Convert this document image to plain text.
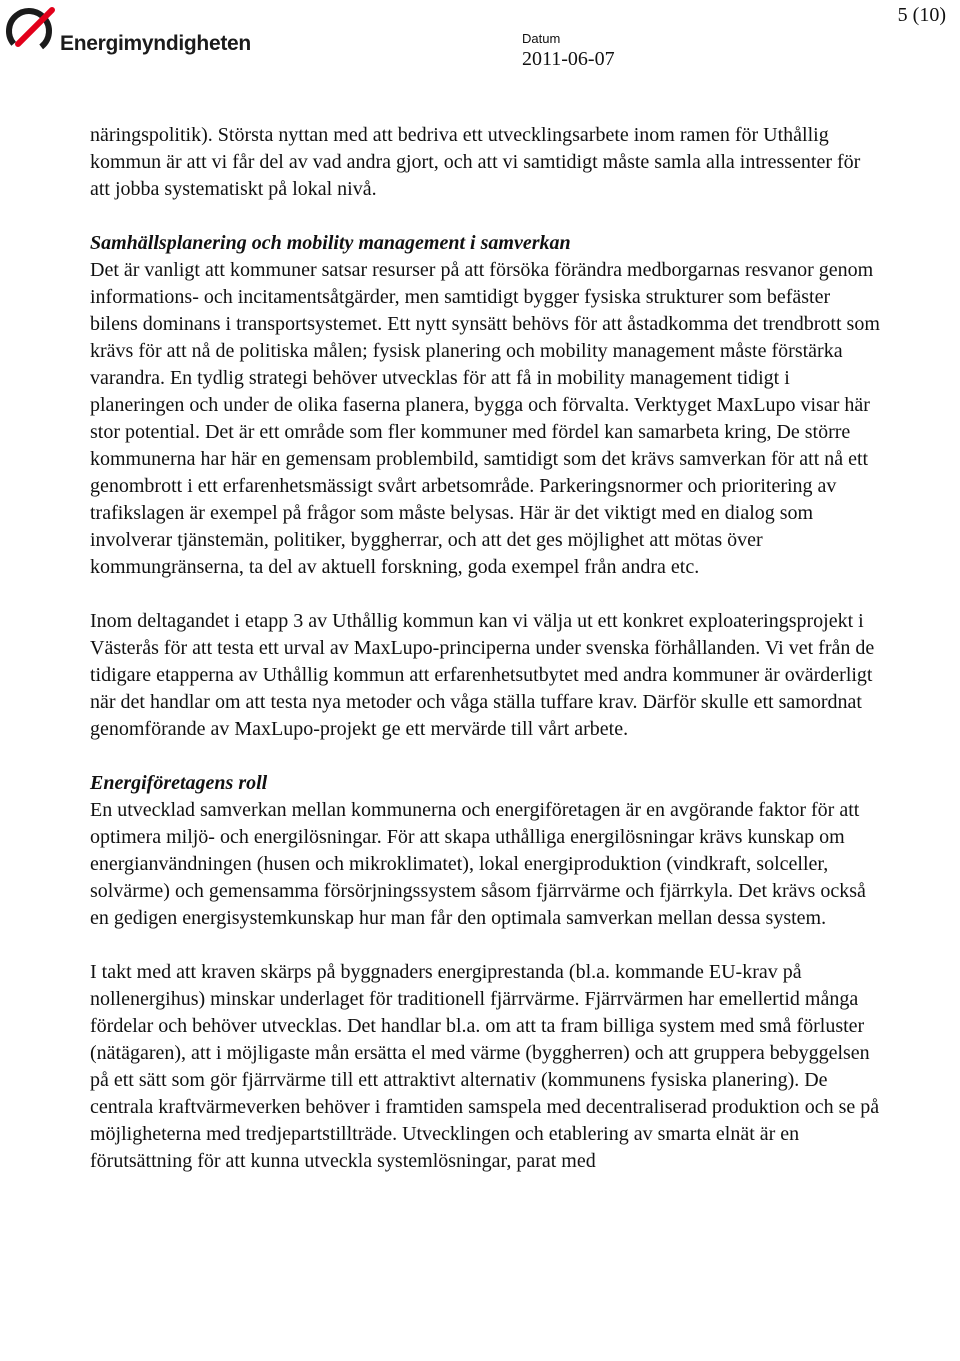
Energimyndigheten	Datum
2011-06-07
5 (10)

näringspolitik). Största nyttan med att bedriva ett utvecklingsarbete inom ramen för Uthållig kommun är att vi får del av vad andra gjort, och att vi samtidigt måste samla alla intressenter för att jobba systematiskt på lokal nivå.

Samhällsplanering och mobility management i samverkan

Det är vanligt att kommuner satsar resurser på att försöka förändra medborgarnas resvanor genom informations- och incitamentsåtgärder, men samtidigt bygger fysiska strukturer som befäster bilens dominans i transportsystemet. Ett nytt synsätt behövs för att åstadkomma det trendbrott som krävs för att nå de politiska målen; fysisk planering och mobility management måste förstärka varandra. En tydlig strategi behöver utvecklas för att få in mobility management tidigt i planeringen och under de olika faserna planera, bygga och förvalta. Verktyget MaxLupo visar här stor potential. Det är ett område som fler kommuner med fördel kan samarbeta kring, De större kommunerna har här en gemensam problembild, samtidigt som det krävs samverkan för att nå ett genombrott i ett erfarenhetsmässigt svårt arbetsområde. Parkeringsnormer och prioritering av trafikslagen är exempel på frågor som måste belysas. Här är det viktigt med en dialog som involverar tjänstemän, politiker, byggherrar, och att det ges möjlighet att mötas över kommungränserna, ta del av aktuell forskning, goda exempel från andra etc.

Inom deltagandet i etapp 3 av Uthållig kommun kan vi välja ut ett konkret exploateringsprojekt i Västerås för att testa ett urval av MaxLupo-principerna under svenska förhållanden. Vi vet från de tidigare etapperna av Uthållig kommun att erfarenhetsutbytet med andra kommuner är ovärderligt när det handlar om att testa nya metoder och våga ställa tuffare krav. Därför skulle ett samordnat genomförande av MaxLupo-projekt ge ett mervärde till vårt arbete.

Energiföretagens roll

En utvecklad samverkan mellan kommunerna och energiföretagen är en avgörande faktor för att optimera miljö- och energilösningar. För att skapa uthålliga energilösningar krävs kunskap om energianvändningen (husen och mikroklimatet), lokal energiproduktion (vindkraft, solceller, solvärme) och gemensamma försörjningssystem såsom fjärrvärme och fjärrkyla. Det krävs också en gedigen energisystemkunskap hur man får den optimala samverkan mellan dessa system.

I takt med att kraven skärps på byggnaders energiprestanda (bl.a. kommande EU-krav på nollenergihus) minskar underlaget för traditionell fjärrvärme. Fjärrvärmen har emellertid många fördelar och behöver utvecklas. Det handlar bl.a. om att ta fram billiga system med små förluster (nätägaren), att i möjligaste mån ersätta el med värme (byggherren) och att gruppera bebyggelsen på ett sätt som gör fjärrvärme till ett attraktivt alternativ (kommunens fysiska planering). De centrala kraftvärmeverken behöver i framtiden samspela med decentraliserad produktion och se på möjligheterna med tredjepartstillträde. Utvecklingen och etablering av smarta elnät är en förutsättning för att kunna utveckla systemlösningar, parat med
